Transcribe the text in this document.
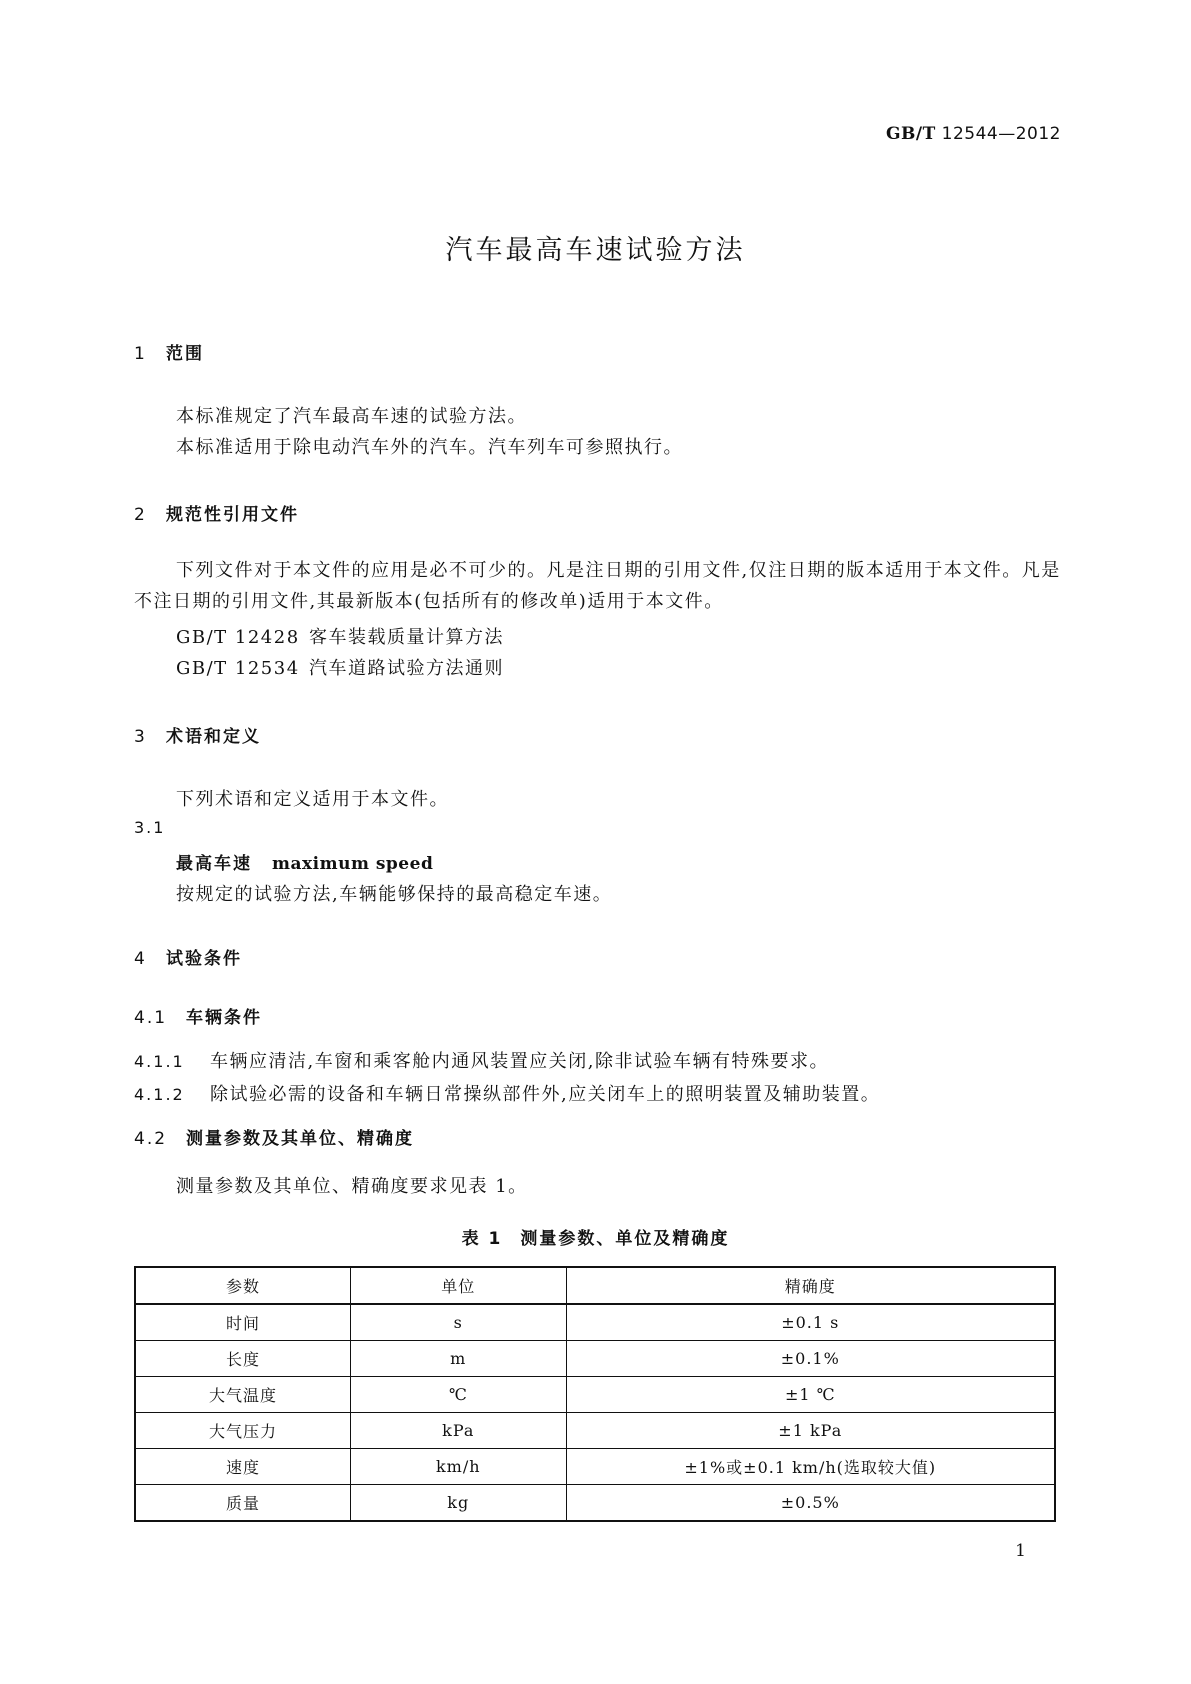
GB/T 12544—2012
汽车最高车速试验方法
1 范围
本标准规定了汽车最高车速的试验方法。
本标准适用于除电动汽车外的汽车。汽车列车可参照执行。
2 规范性引用文件
下列文件对于本文件的应用是必不可少的。凡是注日期的引用文件,仅注日期的版本适用于本文件。凡是不注日期的引用文件,其最新版本(包括所有的修改单)适用于本文件。
GB/T 12428 客车装载质量计算方法
GB/T 12534 汽车道路试验方法通则
3 术语和定义
下列术语和定义适用于本文件。
3.1
最高车速 maximum speed
按规定的试验方法,车辆能够保持的最高稳定车速。
4 试验条件
4.1 车辆条件
4.1.1 车辆应清洁,车窗和乘客舱内通风装置应关闭,除非试验车辆有特殊要求。
4.1.2 除试验必需的设备和车辆日常操纵部件外,应关闭车上的照明装置及辅助装置。
4.2 测量参数及其单位、精确度
测量参数及其单位、精确度要求见表 1。
表 1 测量参数、单位及精确度
参数	单位	精确度
时间	s	±0.1 s
长度	m	±0.1%
大气温度	℃	±1 ℃
大气压力	kPa	±1 kPa
速度	km/h	±1%或±0.1 km/h(选取较大值)
质量	kg	±0.5%
1
